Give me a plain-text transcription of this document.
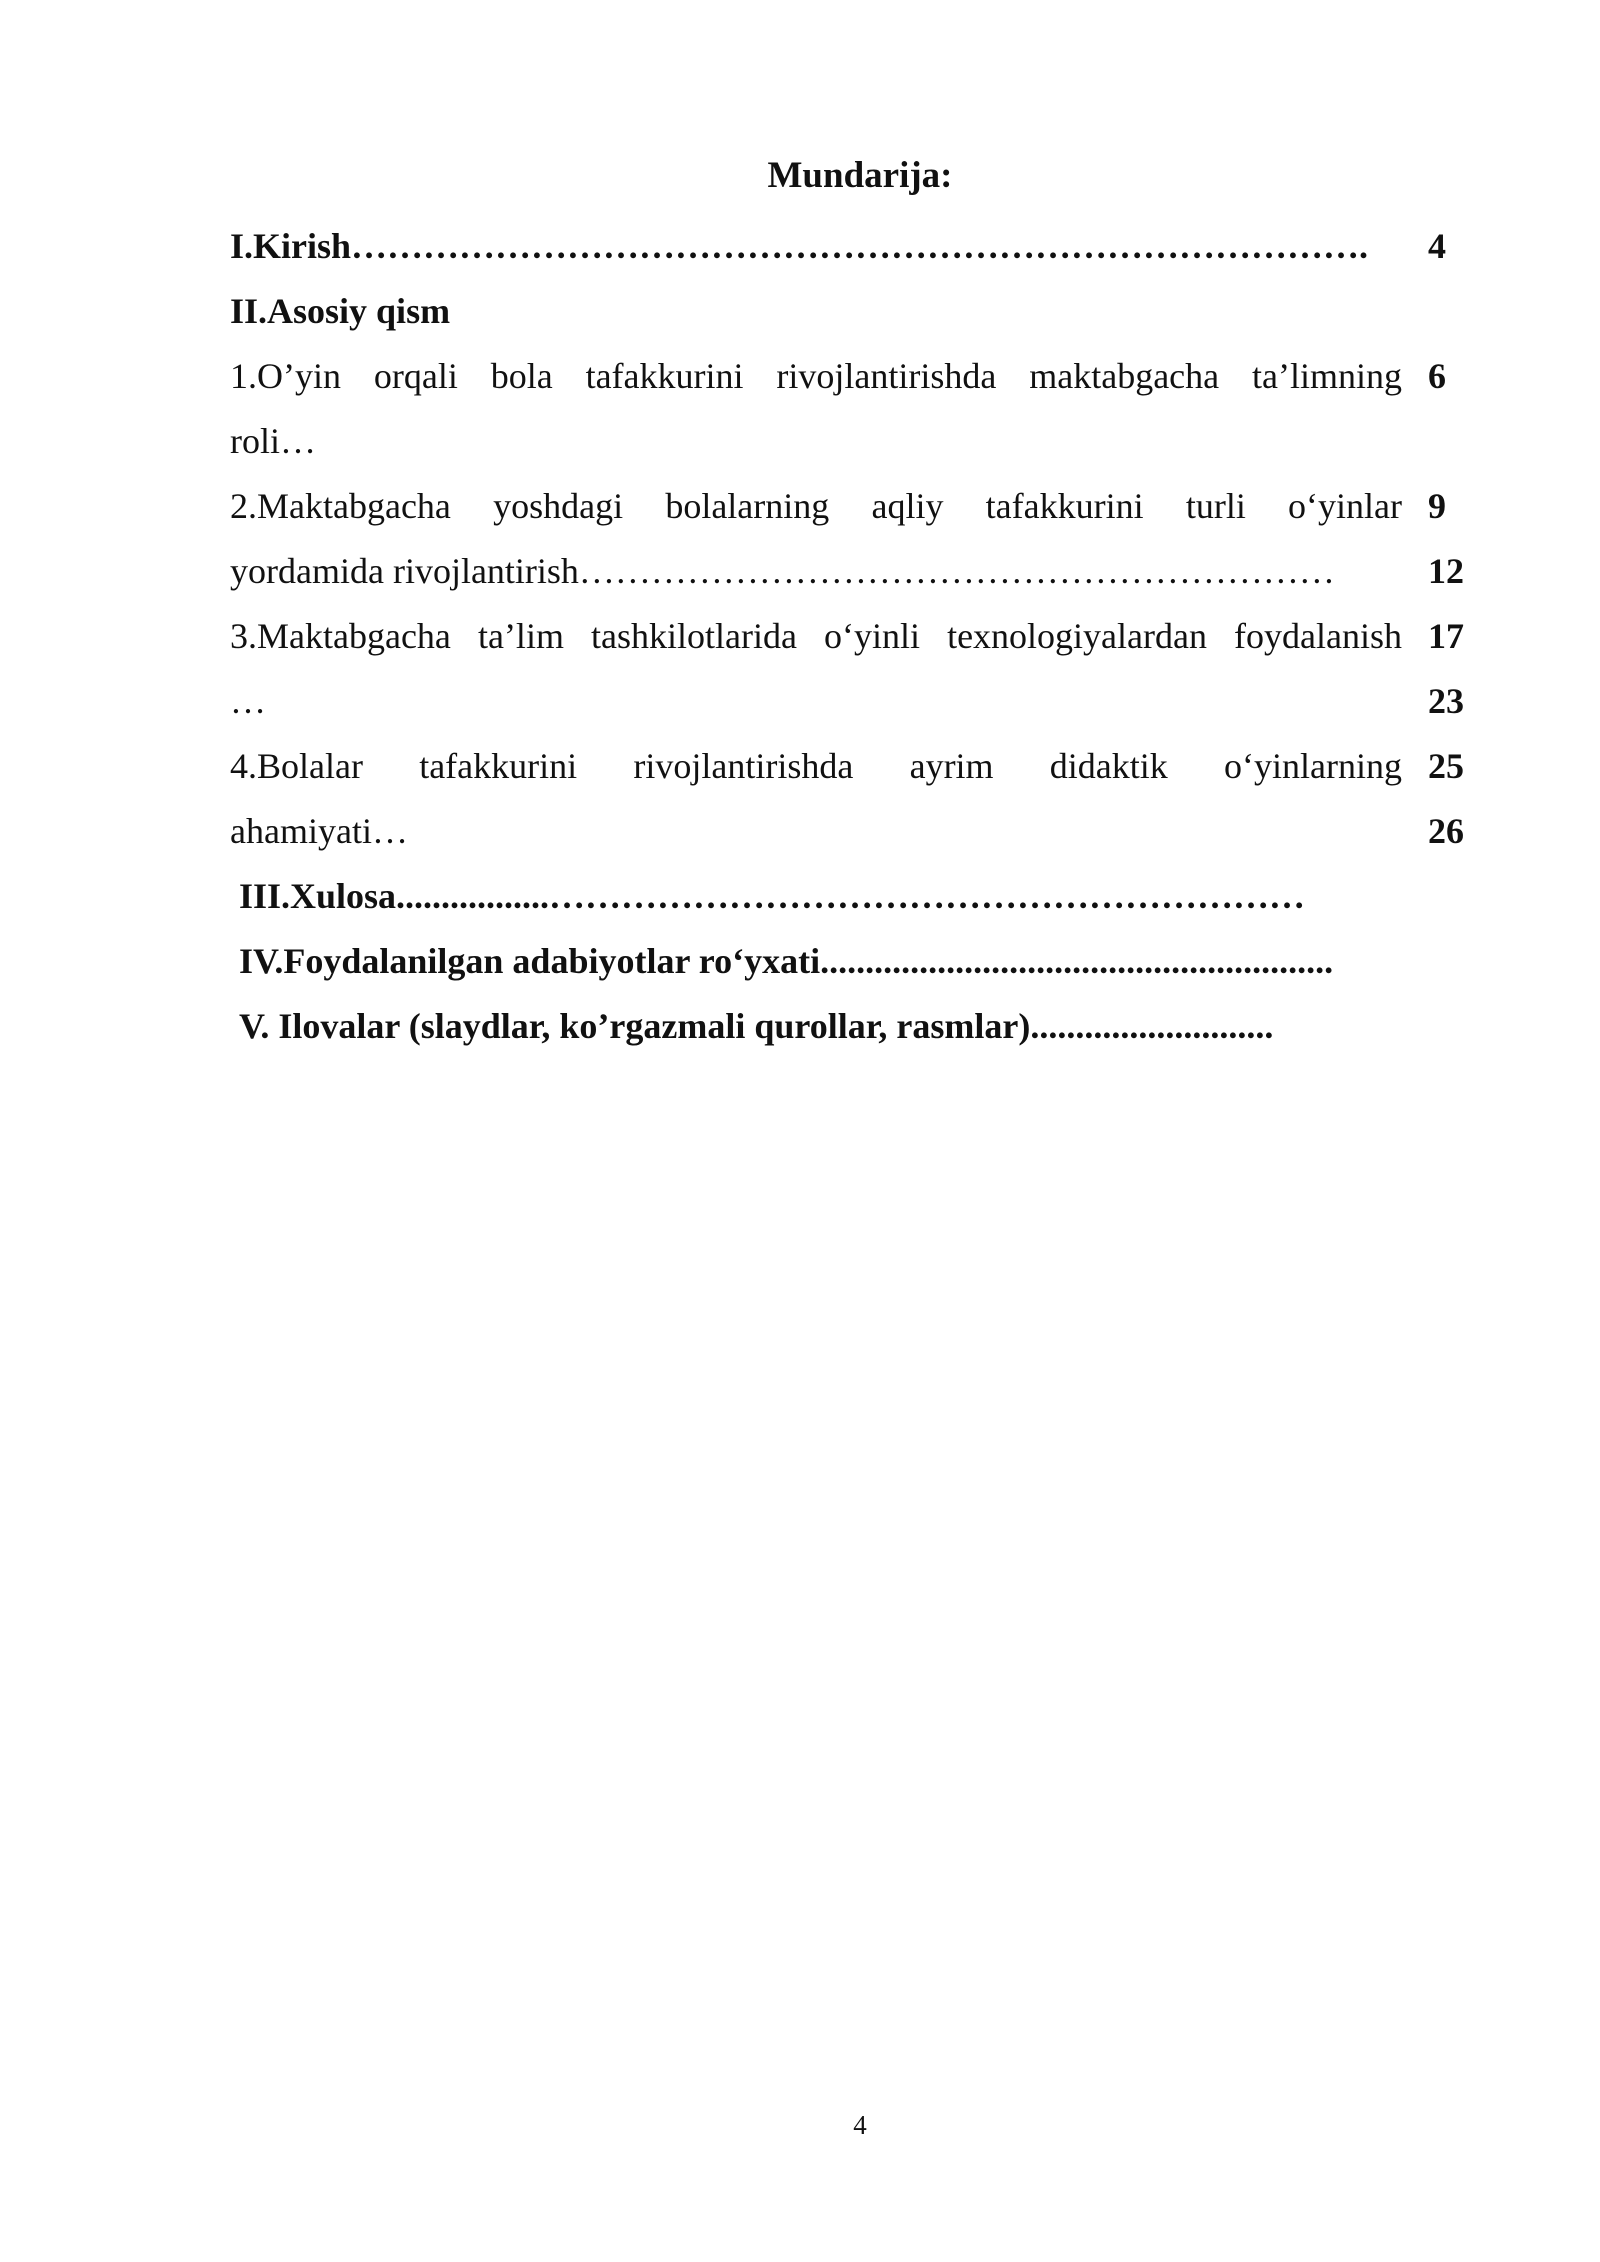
Mundarija:
I.Kirish…………………………………………………………………………. 4
II.Asosiy qism
1.O’yin orqali bola tafakkurini rivojlantirishda maktabgacha ta’limning 6
roli…
2.Maktabgacha yoshdagi bolalarning aqliy tafakkurini turli o‘yinlar 9
yordamida rivojlantirish………………………………………………………	12
3.Maktabgacha ta’lim tashkilotlarida o‘yinli texnologiyalardan foydalanish 17
…	23
4.Bolalar tafakkurini rivojlantirishda ayrim didaktik o‘yinlarning 25
ahamiyati…	26
III.Xulosa.................………………………………………………………
IV.Foydalanilgan adabiyotlar ro‘yxati.........................................................
V. Ilovalar (slaydlar, ko’rgazmali qurollar, rasmlar)...........................
4
